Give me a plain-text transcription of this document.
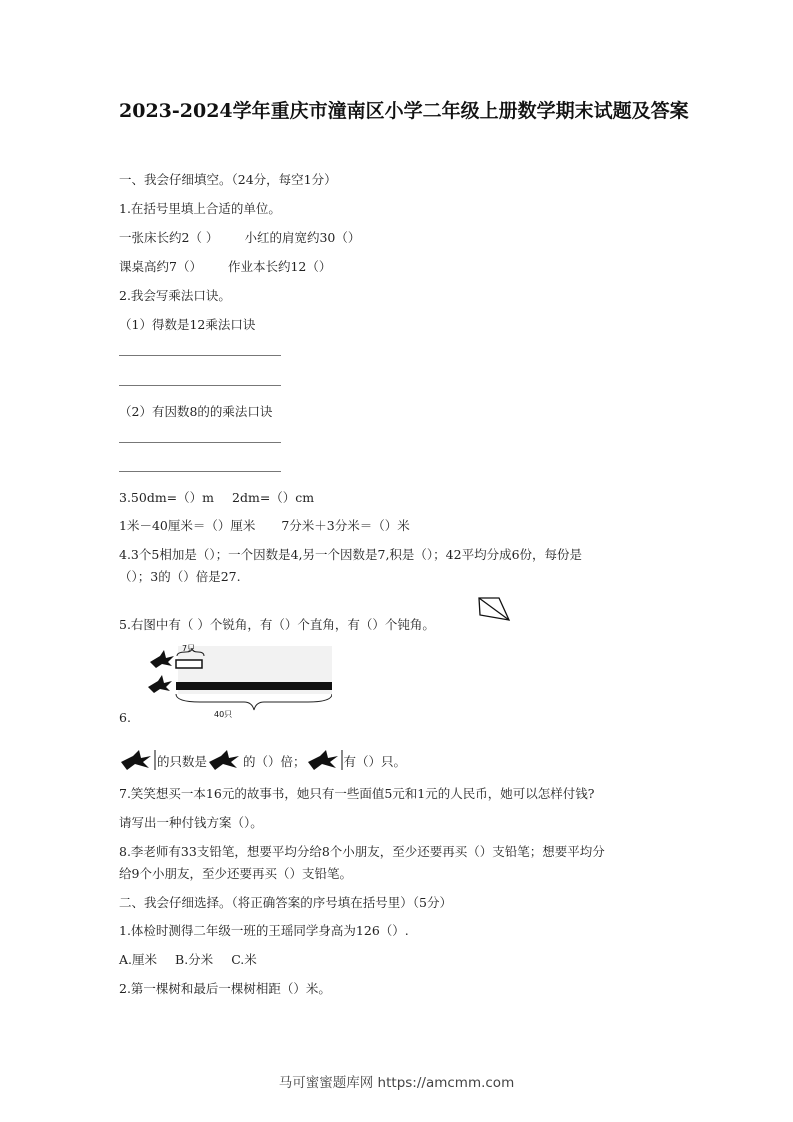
2023-2024学年重庆市潼南区小学二年级上册数学期末试题及答案
一、我会仔细填空。（24分，每空1分）
1.在括号里填上合适的单位。
一张床长约2（ ） 小红的肩宽约30（）
课桌高约7（） 作业本长约12（）
2.我会写乘法口诀。
（1）得数是12乘法口诀
（2）有因数8的的乘法口诀
3.50dm=（）m 2dm=（）cm
1米－40厘米＝（）厘米 7分米＋3分米＝（）米
4.3个5相加是（）；一个因数是4,另一个因数是7,积是（）；42平均分成6份，每份是
（）；3的（）倍是27.
5.右图中有（ ）个锐角，有（）个直角，有（）个钝角。
7只
40只
6.
的只数是	的（）倍；	有（）只。
7.笑笑想买一本16元的故事书，她只有一些面值5元和1元的人民币，她可以怎样付钱?
请写出一种付钱方案（）。
8.李老师有33支铅笔，想要平均分给8个小朋友，至少还要再买（）支铅笔；想要平均分
给9个小朋友，至少还要再买（）支铅笔。
二、我会仔细选择。（将正确答案的序号填在括号里）（5分）
1.体检时测得二年级一班的王瑶同学身高为126（）.
A.厘米 B.分米 C.米
2.第一棵树和最后一棵树相距（）米。
马可蜜蜜题库网 https://amcmm.com
